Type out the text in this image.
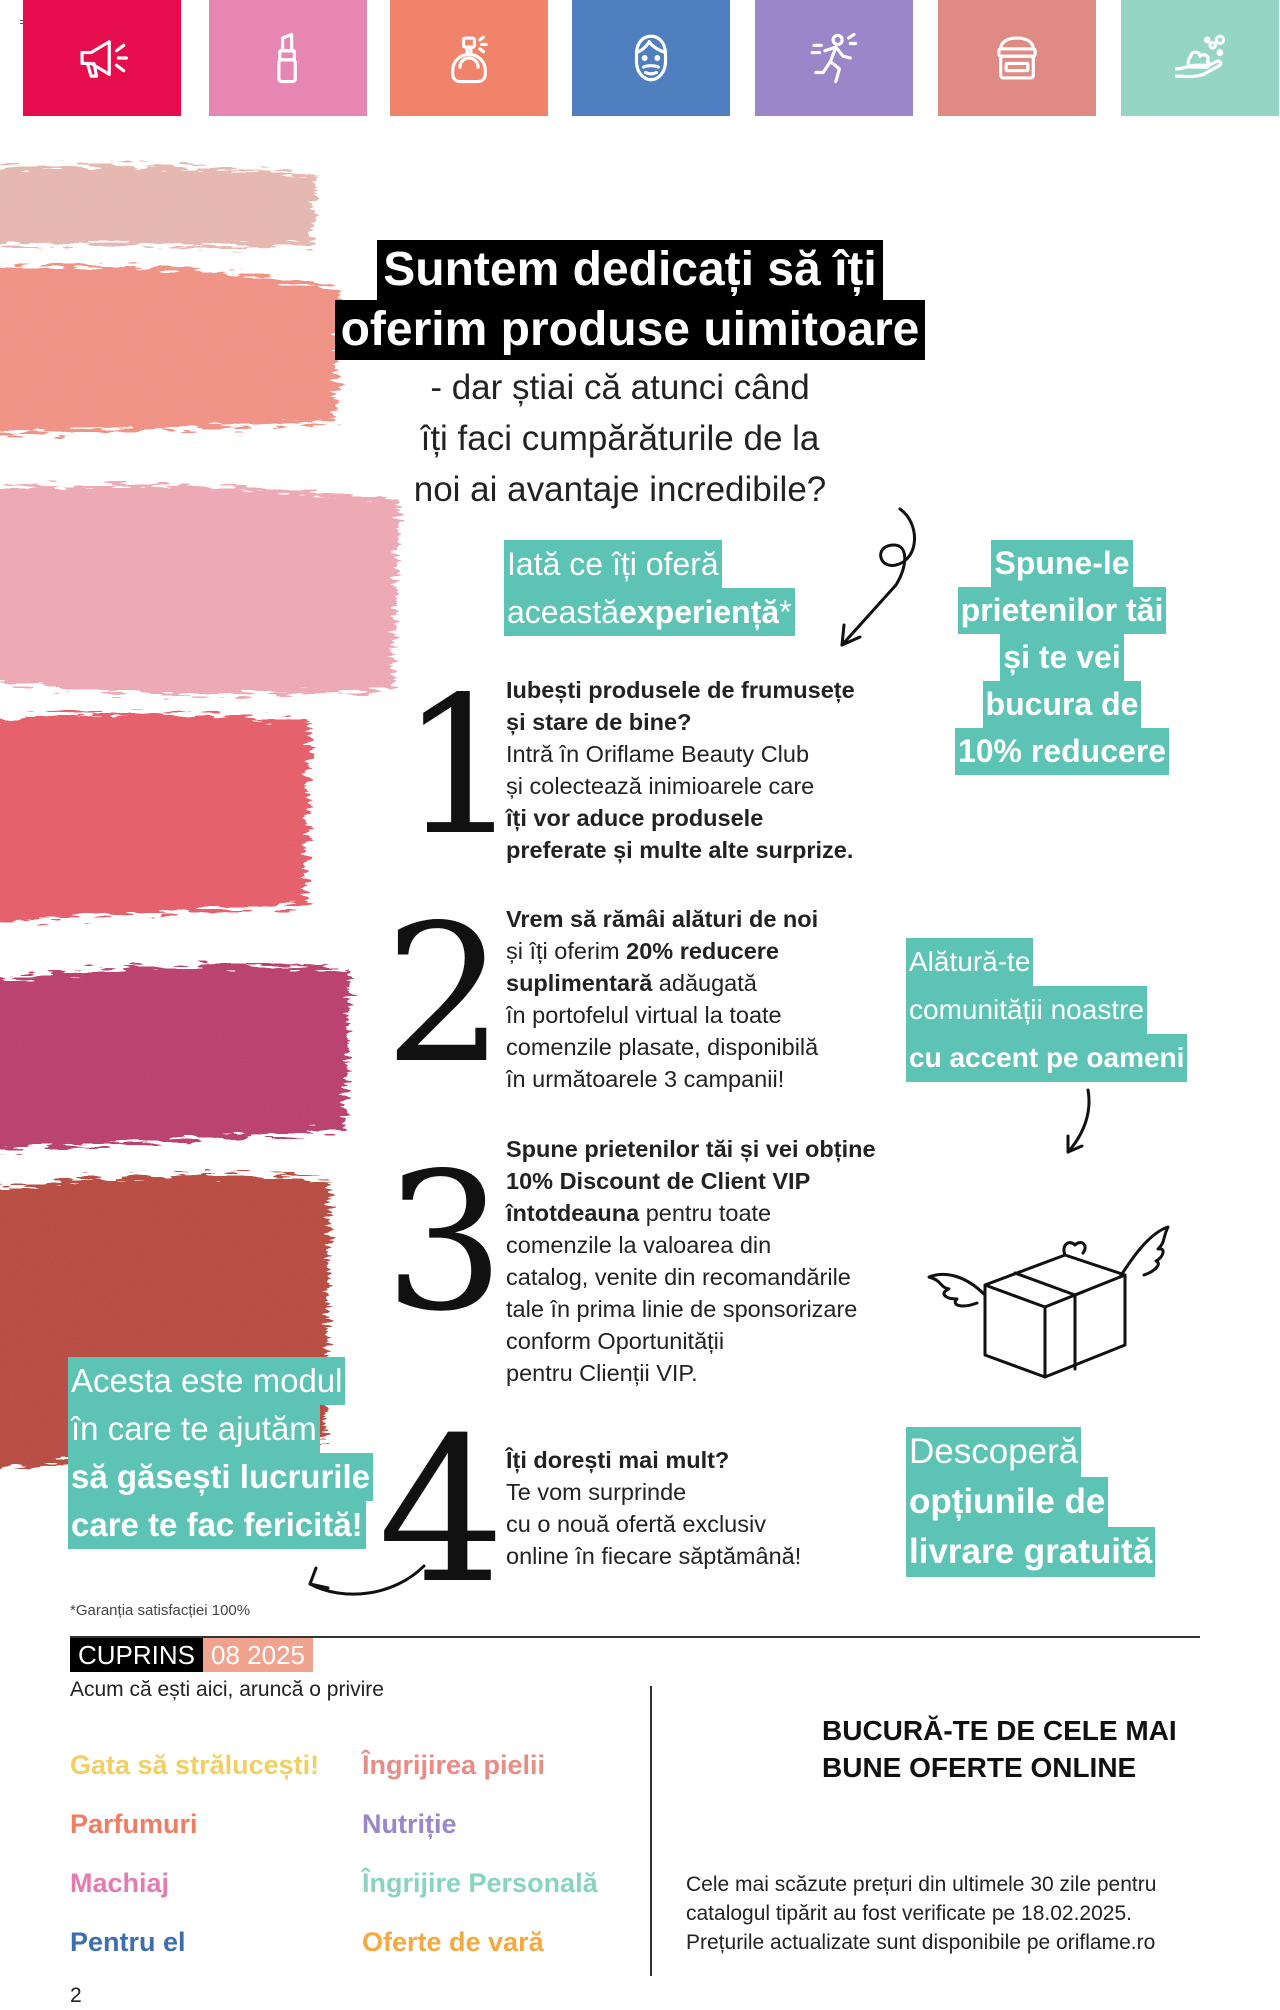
Suntem dedicați să îți
oferim produse uimitoare
- dar știai că atunci când
îți faci cumpărăturile de la
noi ai avantaje incredibile?
Iată ce îți oferă
aceastăexperiență*
Spune-le
prietenilor tăi
și te vei
bucura de
10% reducere
1
2
3
4
Iubești produsele de frumusețe
și stare de bine?
Intră în Oriflame Beauty Club
și colectează inimioarele care
îți vor aduce produsele
preferate și multe alte surprize.
Vrem să rămâi alături de noi
și îți oferim 20% reducere
suplimentară adăugată
în portofelul virtual la toate
comenzile plasate, disponibilă
în următoarele 3 campanii!
Spune prietenilor tăi și vei obține
10% Discount de Client VIP
întotdeauna pentru toate
comenzile la valoarea din
catalog, venite din recomandările
tale în prima linie de sponsorizare
conform Oportunității
pentru Clienții VIP.
Îți dorești mai mult?
Te vom surprinde
cu o nouă ofertă exclusiv
online în fiecare săptămână!
Alătură-te
comunității noastre
cu accent pe oameni
Acesta este modul
în care te ajutăm
să găsești lucrurile
care te fac fericită!
Descoperă
opțiunile de
livrare gratuită
*Garanția satisfacției 100%
CUPRINS 08 2025
Acum că ești aici, aruncă o privire
Gata să strălucești!
Parfumuri
Machiaj
Pentru el
Îngrijirea pielii
Nutriție
Îngrijire Personală
Oferte de vară
BUCURĂ-TE DE CELE MAI
BUNE OFERTE ONLINE
Cele mai scăzute prețuri din ultimele 30 zile pentru
catalogul tipărit au fost verificate pe 18.02.2025.
Prețurile actualizate sunt disponibile pe oriflame.ro
2
